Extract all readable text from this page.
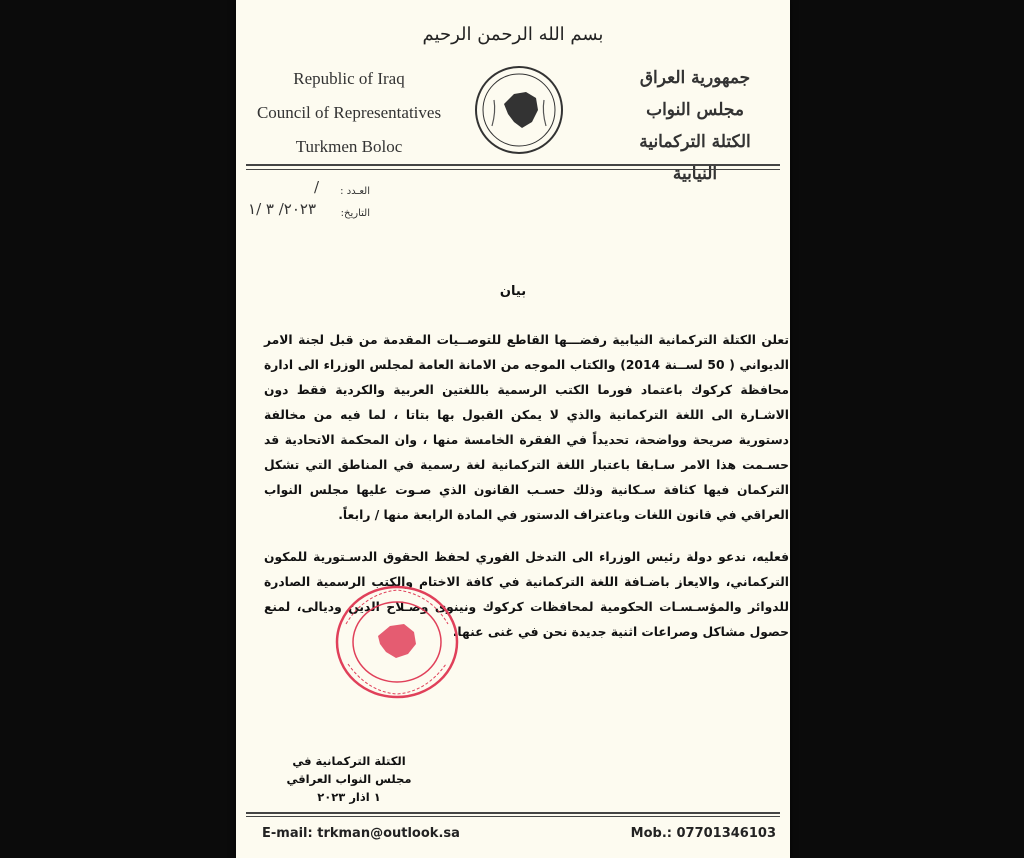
بسم الله الرحمن الرحيم
Republic of Iraq
Council of Representatives
Turkmen Boloc
جمهورية العراق
مجلس النواب
الكتلة التركمانية النيابية
العـدد :
/
التاريخ:
٢٠٢٣/ ٣ /١
بيان
تعلن الكتلة التركمانية النيابية رفضـــها القاطع للتوصــيات المقدمة من قبل لجنة الامر الديواني ( 50 لســنة 2014) والكتاب الموجه من الامانة العامة لمجلس الوزراء الى ادارة محافظة كركوك باعتماد فورما الكتب الرسمية باللغتين العربية والكردية فقط دون الاشـارة الى اللغة التركمانية والذي لا يمكن القبول بها بتاتا ، لما فيه من مخالفة دستورية صريحة وواضحة، تحديداً في الفقرة الخامسة منها ، وان المحكمة الاتحادية قد حسـمت هذا الامر سـابقا باعتبار اللغة التركمانية لغة رسمية في المناطق التي تشكل التركمان فيها كثافة سـكانية وذلك حسـب القانون الذي صـوت عليها مجلس النواب العراقي في قانون اللغات وباعتراف الدستور في المادة الرابعة منها / رابعاً.
فعليه، ندعو دولة رئيس الوزراء الى التدخل الفوري لحفظ الحقوق الدسـتورية للمكون التركماني، والايعاز باضـافة اللغة التركمانية في كافة الاختام والكتب الرسمية الصادرة للدوائر والمؤسـسـات الحكومية لمحافظات كركوك ونينوى وصـلاح الدين وديالى، لمنع حصول مشاكل وصراعات اثنية جديدة نحن في غنى عنها.
الكتلة التركمانية في
مجلس النواب العراقي
١ اذار ٢٠٢٣
E-mail: trkman@outlook.sa	Mob.: 07701346103
